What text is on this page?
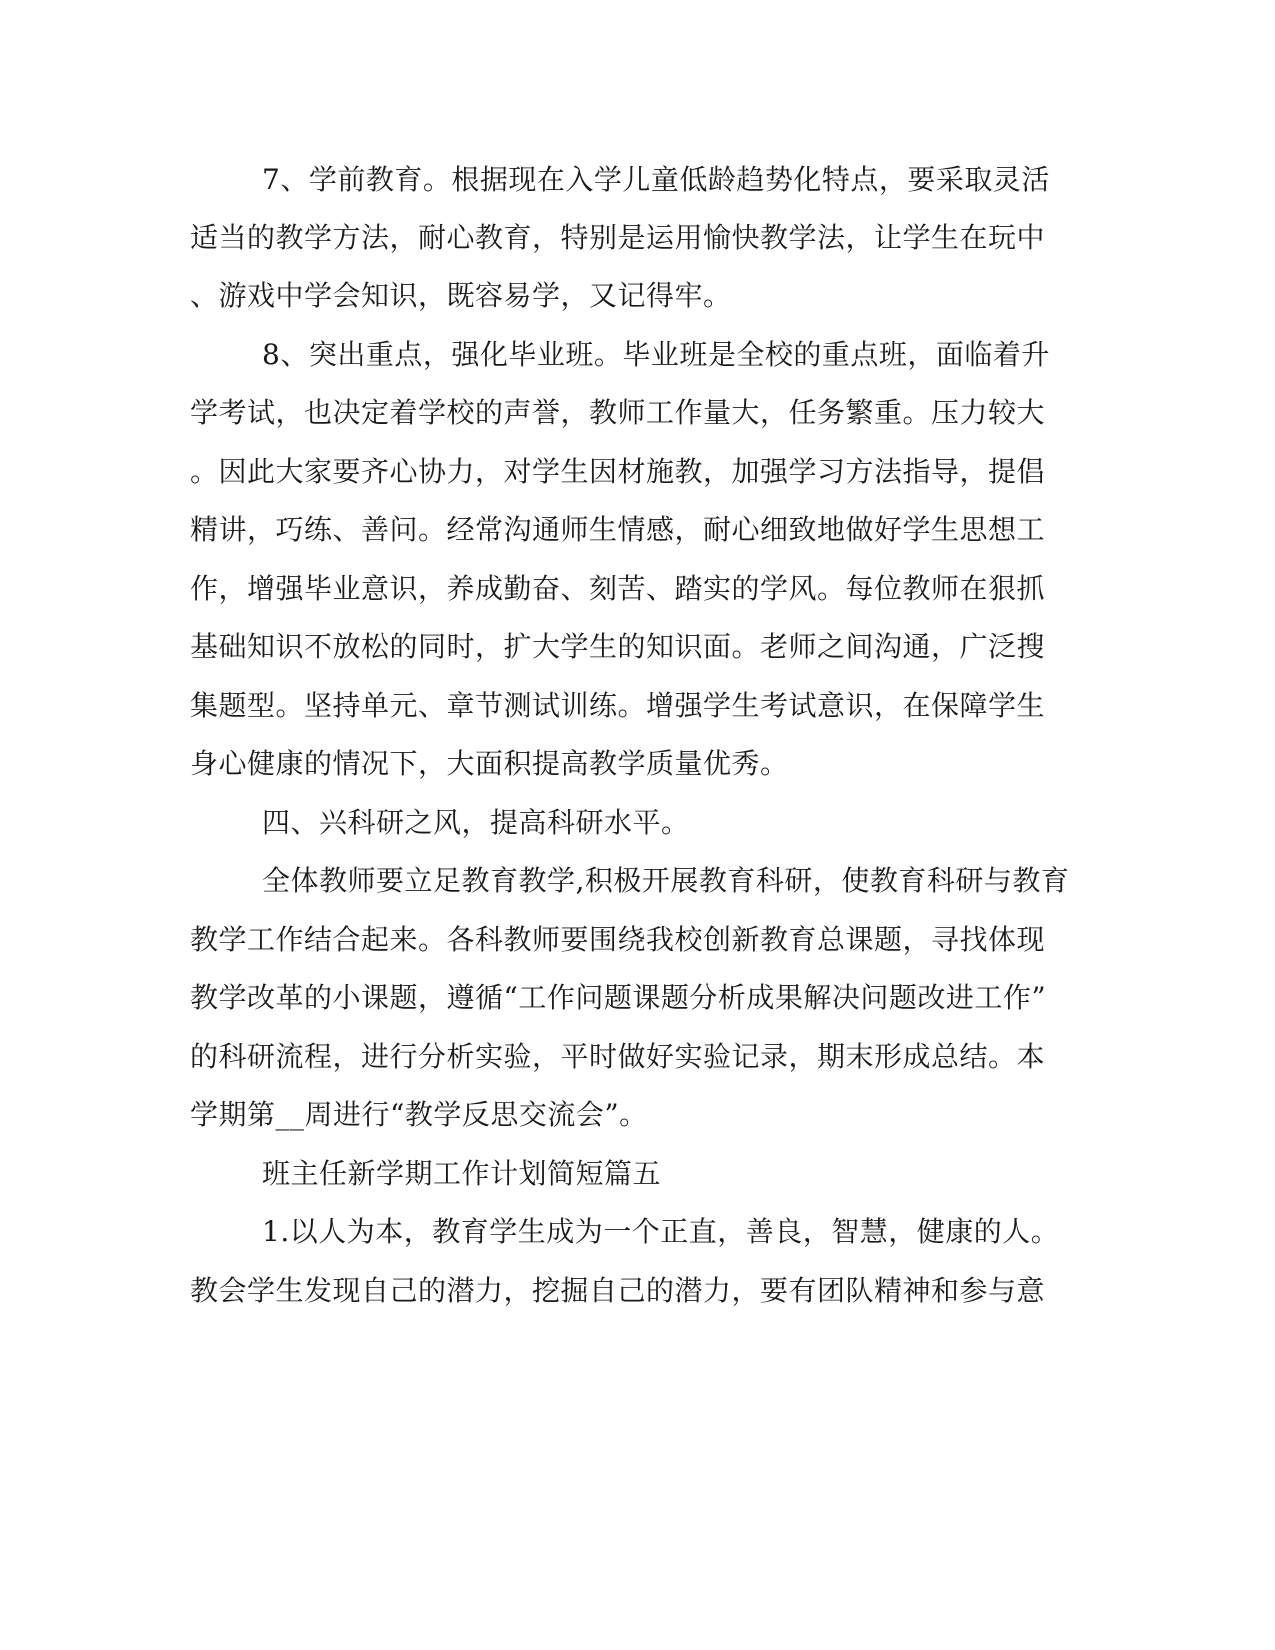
7、学前教育。根据现在入学儿童低龄趋势化特点，要采取灵活
适当的教学方法，耐心教育，特别是运用愉快教学法，让学生在玩中
、游戏中学会知识，既容易学，又记得牢。
8、突出重点，强化毕业班。毕业班是全校的重点班，面临着升
学考试，也决定着学校的声誉，教师工作量大，任务繁重。压力较大
。因此大家要齐心协力，对学生因材施教，加强学习方法指导，提倡
精讲，巧练、善问。经常沟通师生情感，耐心细致地做好学生思想工
作，增强毕业意识，养成勤奋、刻苦、踏实的学风。每位教师在狠抓
基础知识不放松的同时，扩大学生的知识面。老师之间沟通，广泛搜
集题型。坚持单元、章节测试训练。增强学生考试意识，在保障学生
身心健康的情况下，大面积提高教学质量优秀。
四、兴科研之风，提高科研水平。
全体教师要立足教育教学,积极开展教育科研，使教育科研与教育
教学工作结合起来。各科教师要围绕我校创新教育总课题，寻找体现
教学改革的小课题，遵循“工作问题课题分析成果解决问题改进工作”
的科研流程，进行分析实验，平时做好实验记录，期末形成总结。本
学期第__周进行“教学反思交流会”。
班主任新学期工作计划简短篇五
1.以人为本，教育学生成为一个正直，善良，智慧，健康的人。
教会学生发现自己的潜力，挖掘自己的潜力，要有团队精神和参与意
